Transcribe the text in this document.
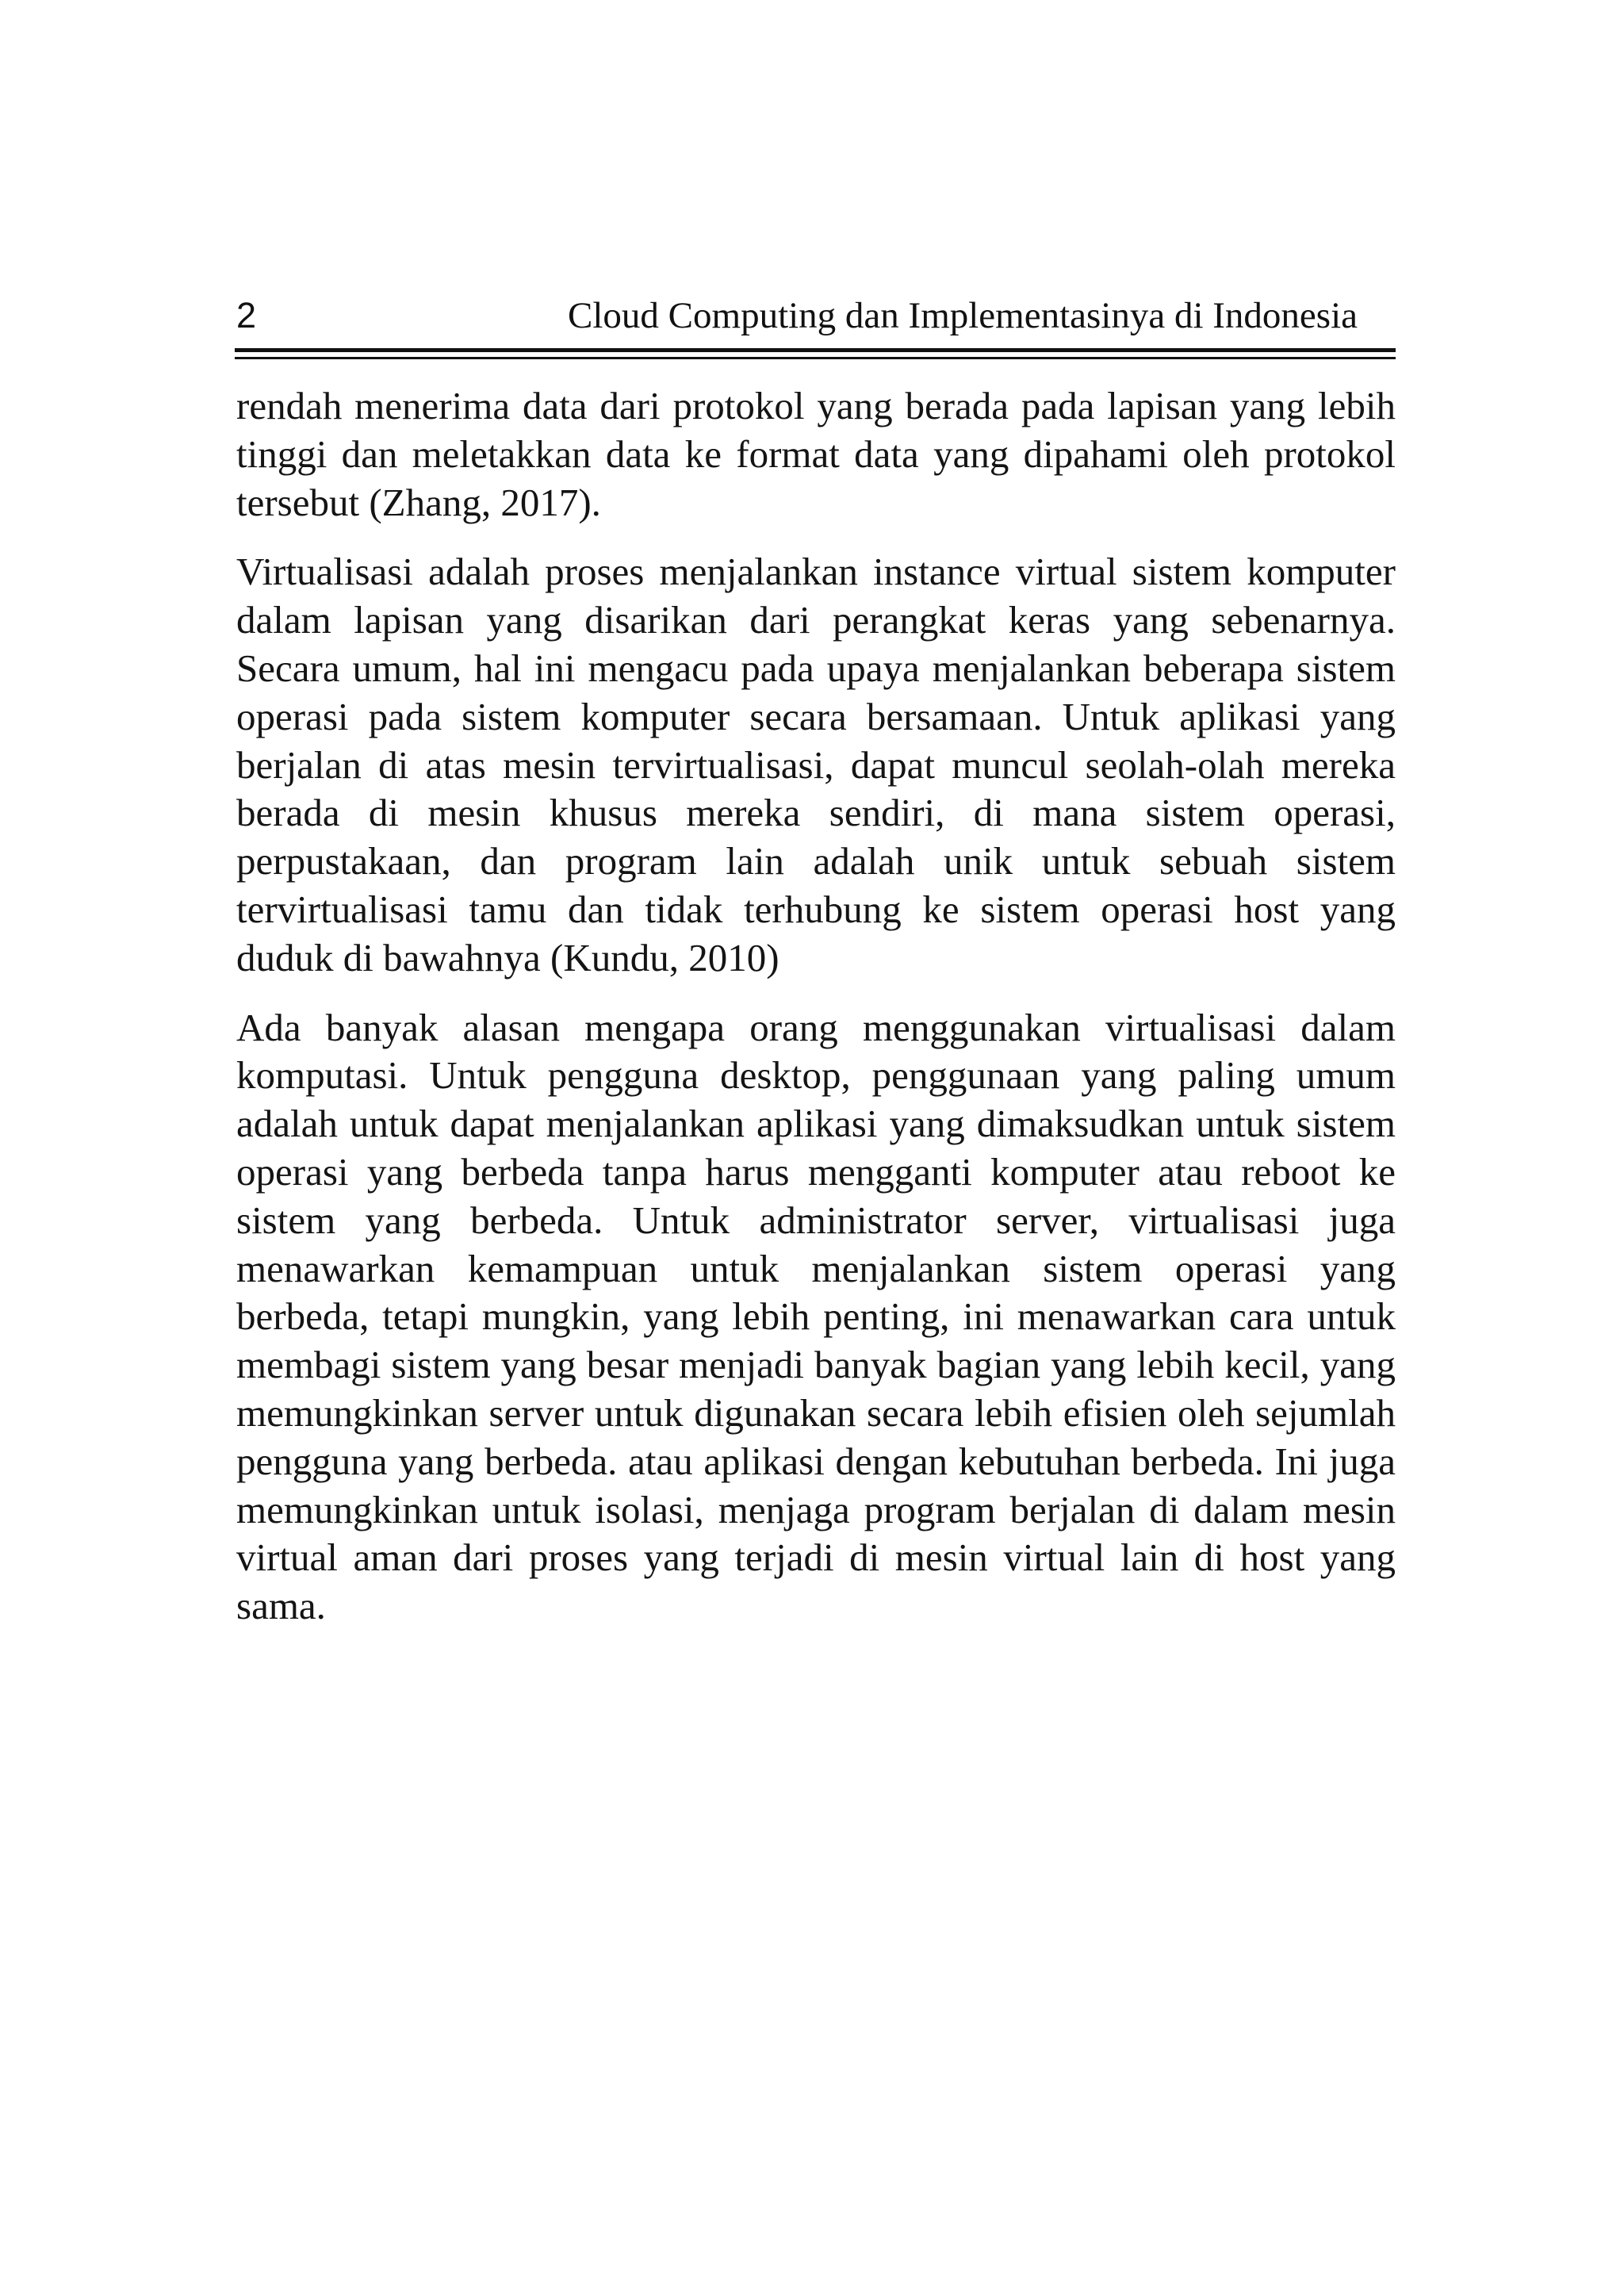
2	Cloud Computing dan Implementasinya di Indonesia

rendah menerima data dari protokol yang berada pada lapisan yang lebih tinggi dan meletakkan data ke format data yang dipahami oleh protokol tersebut (Zhang, 2017).

Virtualisasi adalah proses menjalankan instance virtual sistem komputer dalam lapisan yang disarikan dari perangkat keras yang sebenarnya. Secara umum, hal ini mengacu pada upaya menjalankan beberapa sistem operasi pada sistem komputer secara bersamaan. Untuk aplikasi yang berjalan di atas mesin tervirtualisasi, dapat muncul seolah-olah mereka berada di mesin khusus mereka sendiri, di mana sistem operasi, perpustakaan, dan program lain adalah unik untuk sebuah sistem tervirtualisasi tamu dan tidak terhubung ke sistem operasi host yang duduk di bawahnya (Kundu, 2010)

Ada banyak alasan mengapa orang menggunakan virtualisasi dalam komputasi. Untuk pengguna desktop, penggunaan yang paling umum adalah untuk dapat menjalankan aplikasi yang dimaksudkan untuk sistem operasi yang berbeda tanpa harus mengganti komputer atau reboot ke sistem yang berbeda. Untuk administrator server, virtualisasi juga menawarkan kemampuan untuk menjalankan sistem operasi yang berbeda, tetapi mungkin, yang lebih penting, ini menawarkan cara untuk membagi sistem yang besar menjadi banyak bagian yang lebih kecil, yang memungkinkan server untuk digunakan secara lebih efisien oleh sejumlah pengguna yang berbeda. atau aplikasi dengan kebutuhan berbeda. Ini juga memungkinkan untuk isolasi, menjaga program berjalan di dalam mesin virtual aman dari proses yang terjadi di mesin virtual lain di host yang sama.
